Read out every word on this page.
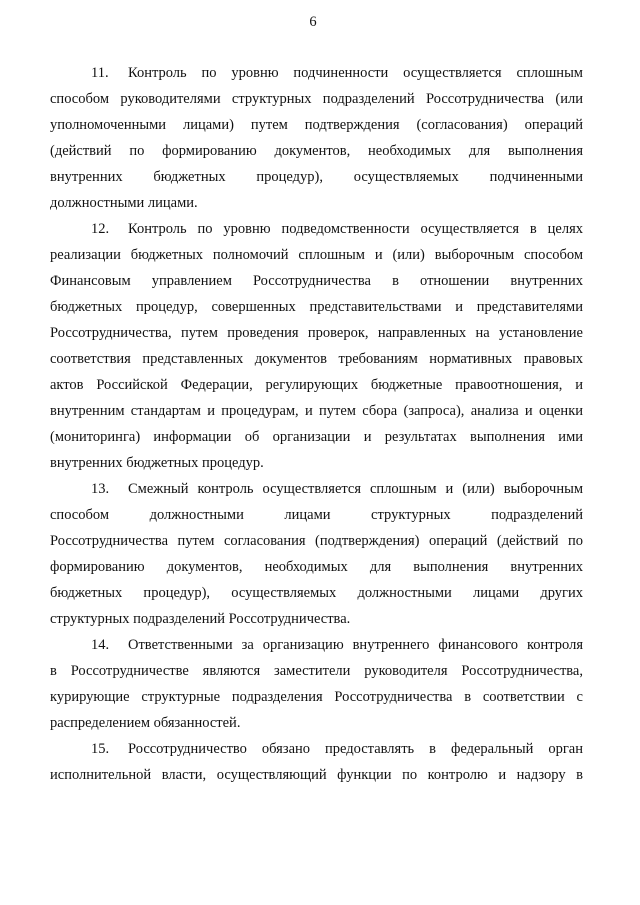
6
11.	Контроль по уровню подчиненности осуществляется сплошным
способом руководителями структурных подразделений Россотрудничества (или
уполномоченными лицами) путем подтверждения (согласования) операций
(действий по формированию документов, необходимых для выполнения
внутренних бюджетных процедур), осуществляемых подчиненными
должностными лицами.
12.	Контроль по уровню подведомственности осуществляется в целях
реализации бюджетных полномочий сплошным и (или) выборочным способом
Финансовым управлением Россотрудничества в отношении внутренних
бюджетных процедур, совершенных представительствами и представителями
Россотрудничества, путем проведения проверок, направленных на установление
соответствия представленных документов требованиям нормативных правовых
актов Российской Федерации, регулирующих бюджетные правоотношения, и
внутренним стандартам и процедурам, и путем сбора (запроса), анализа и оценки
(мониторинга) информации об организации и результатах выполнения ими
внутренних бюджетных процедур.
13.	Смежный контроль осуществляется сплошным и (или) выборочным
способом должностными лицами структурных подразделений
Россотрудничества путем согласования (подтверждения) операций (действий по
формированию документов, необходимых для выполнения внутренних
бюджетных процедур), осуществляемых должностными лицами других
структурных подразделений Россотрудничества.
14.	Ответственными за организацию внутреннего финансового контроля
в Россотрудничестве являются заместители руководителя Россотрудничества,
курирующие структурные подразделения Россотрудничества в соответствии с
распределением обязанностей.
15.	Россотрудничество обязано предоставлять в федеральный орган
исполнительной власти, осуществляющий функции по контролю и надзору в
